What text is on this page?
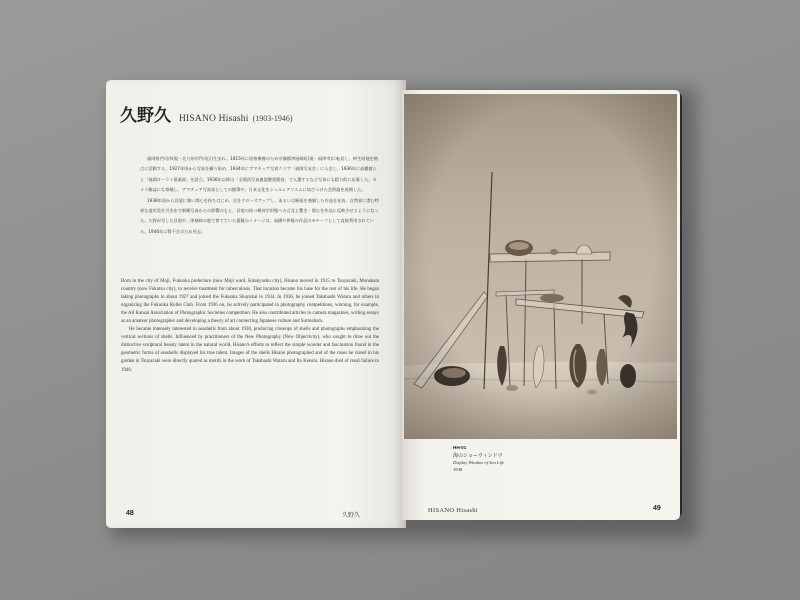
久野久 HISANO Hisashi (1903-1946)

福岡県門司市(現・北九州市門司区)生まれ。1915年に結核療養のため宗像郡津屋崎町(現・福津市)に転居し、終生同地を拠点に活動する。1927年頃から写真を撮り始め、1934年にアマチュア写真クラブ「福岡写友会」に入会し、1936年に高橋渡らと「福岡ローライ倶楽部」を設立。1936年以降は「全関西写真連盟懸賞競技」で入選するなど写真にも精力的に応募した。カメラ雑誌にも寄稿し、アマチュア写真家としての随筆や、日本文化をシュルレアリスムに結びつけた芸術論を展開した。

1938年頃から貝殻に強い関心を持ちはじめ、貝をクローズアップし、あるいは断面を強調した作品を発表。自然界に潜む特異な造形美を引き出す新興写真からの影響のもと、貝殻の持つ幾何学形態への言及と驚き・関心を作品に反映させるようになった。久野が写した貝殻や、津屋崎の庭で育てていた薔薇のイメージは、高橋や伊藤の作品のモチーフとして直接利用されている。1946年に腎不全のため死去。

Born in the city of Moji, Fukuoka prefecture (now Moji ward, Kitakyushu city), Hisano moved in 1915 to Tsuyazaki, Munakata country (now Fukutsu city), to receive treatment for tuberculosis. That location became his base for the rest of his life. He began taking photographs in about 1927 and joined the Fukuoka Shayukai in 1934. In 1936, he joined Takahashi Wataru and others in organizing the Fukuoka Rollei Club. From 1936 on, he actively participated in photography competitions, winning, for example, the All Kansai Association of Photographic Societies competition. He also contributed articles to camera magazines, writing essays as an amateur photographer and developing a theory of art connecting Japanese culture and Surrealism.

He became intensely interested in seashells from about 1938, producing closeups of shells and photographs emphasizing the vertical sections of shells. Influenced by practitioners of the New Photography (New Objectivity), who sought to draw out the distinctive sculptural beauty latent in the natural world, Hisano's efforts to reflect the simple wonder and fascination found in the geometric forms of seashells displayed his true talent. Images of the shells Hisano photographed and of the roses he raised in his garden in Tsuyazaki were directly quoted as motifs in the work of Takahashi Wataru and Ito Kenshi. Hisano died of renal failure in 1946.

48	久野久
HH-01
海のショーウィンドウ
Display Window of Sea Life
1938
HISANO Hisashi	49
